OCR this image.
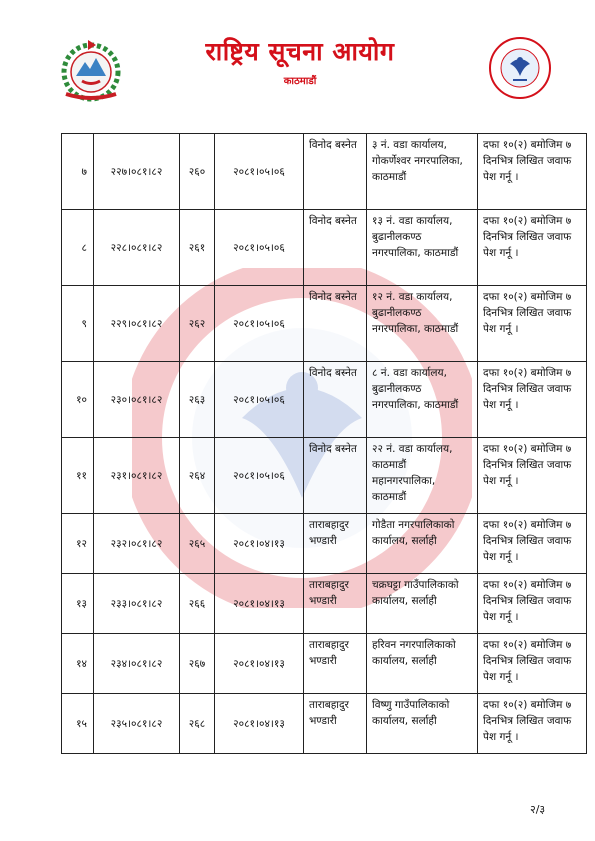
राष्ट्रिय सूचना आयोग
काठमाडौं
७	२२७।०८१।८२	२६०	२०८१।०५।०६	विनोद बस्नेत	३ नं. वडा कार्यालय, गोकर्णेश्वर नगरपालिका, काठमाडौं	दफा १०(२) बमोजिम ७ दिनभित्र लिखित जवाफ पेश गर्नू ।
८	२२८।०८१।८२	२६१	२०८१।०५।०६	विनोद बस्नेत	१३ नं. वडा कार्यालय, बुढानीलकण्ठ नगरपालिका, काठमाडौं	दफा १०(२) बमोजिम ७ दिनभित्र लिखित जवाफ पेश गर्नू ।
९	२२९।०८१।८२	२६२	२०८१।०५।०६	विनोद बस्नेत	१२ नं. वडा कार्यालय, बुढानीलकण्ठ नगरपालिका, काठमाडौं	दफा १०(२) बमोजिम ७ दिनभित्र लिखित जवाफ पेश गर्नू ।
१०	२३०।०८१।८२	२६३	२०८१।०५।०६	विनोद बस्नेत	८ नं. वडा कार्यालय, बुढानीलकण्ठ नगरपालिका, काठमाडौं	दफा १०(२) बमोजिम ७ दिनभित्र लिखित जवाफ पेश गर्नू ।
११	२३१।०८१।८२	२६४	२०८१।०५।०६	विनोद बस्नेत	२२ नं. वडा कार्यालय, काठमाडौं महानगरपालिका, काठमाडौं	दफा १०(२) बमोजिम ७ दिनभित्र लिखित जवाफ पेश गर्नू ।
१२	२३२।०८१।८२	२६५	२०८१।०४।१३	ताराबहादुर भण्डारी	गोडैता नगरपालिकाको कार्यालय, सर्लाही	दफा १०(२) बमोजिम ७ दिनभित्र लिखित जवाफ पेश गर्नू ।
१३	२३३।०८१।८२	२६६	२०८१।०४।१३	ताराबहादुर भण्डारी	चक्रघट्टा गाउँपालिकाको कार्यालय, सर्लाही	दफा १०(२) बमोजिम ७ दिनभित्र लिखित जवाफ पेश गर्नू ।
१४	२३४।०८१।८२	२६७	२०८१।०४।१३	ताराबहादुर भण्डारी	हरिवन नगरपालिकाको कार्यालय, सर्लाही	दफा १०(२) बमोजिम ७ दिनभित्र लिखित जवाफ पेश गर्नू ।
१५	२३५।०८१।८२	२६८	२०८१।०४।१३	ताराबहादुर भण्डारी	विष्णु गाउँपालिकाको कार्यालय, सर्लाही	दफा १०(२) बमोजिम ७ दिनभित्र लिखित जवाफ पेश गर्नू ।
२/३
